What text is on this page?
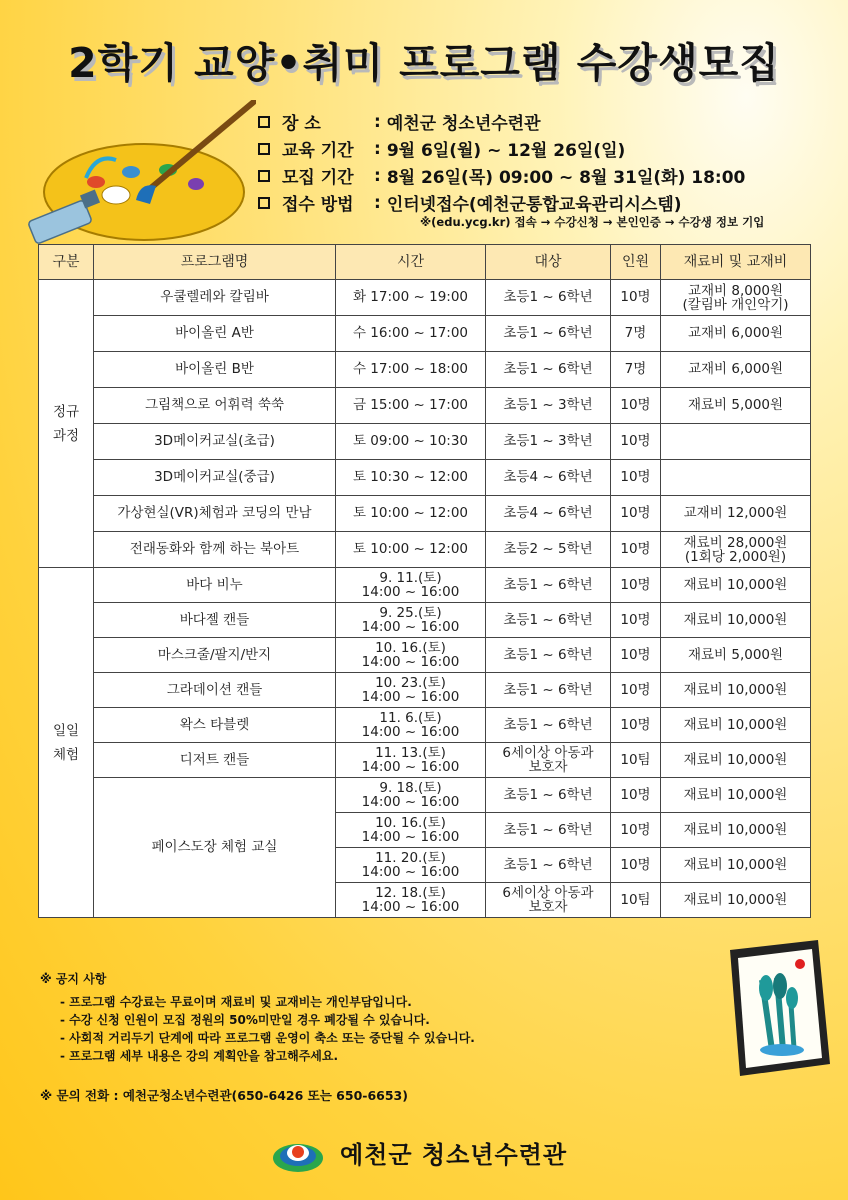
2학기 교양•취미 프로그램 수강생모집
장 소	: 예천군 청소년수련관
교육 기간	: 9월 6일(월) ~ 12월 26일(일)
모집 기간	: 8월 26일(목) 09:00 ~ 8월 31일(화) 18:00
접수 방법	: 인터넷접수(예천군통합교육관리시스템)
※(edu.ycg.kr) 접속 → 수강신청 → 본인인증 → 수강생 정보 기입
구분	프로그램명	시간	대상	인원	재료비 및 교재비

정규
과정	우쿨렐레와 칼림바	화 17:00 ~ 19:00	초등1 ~ 6학년	10명	교재비 8,000원
(칼림바 개인악기)

	바이올린 A반	수 16:00 ~ 17:00	초등1 ~ 6학년	7명	교재비 6,000원
	바이올린 B반	수 17:00 ~ 18:00	초등1 ~ 6학년	7명	교재비 6,000원
	그림책으로 어휘력 쑥쑥	금 15:00 ~ 17:00	초등1 ~ 3학년	10명	재료비 5,000원
	3D메이커교실(초급)	토 09:00 ~ 10:30	초등1 ~ 3학년	10명	
	3D메이커교실(중급)	토 10:30 ~ 12:00	초등4 ~ 6학년	10명	
	가상현실(VR)체험과 코딩의 만남	토 10:00 ~ 12:00	초등4 ~ 6학년	10명	교재비 12,000원
	전래동화와 함께 하는 북아트	토 10:00 ~ 12:00	초등2 ~ 5학년	10명	재료비 28,000원
(1회당 2,000원)

일일
체험	바다 비누	9. 11.(토)
14:00 ~ 16:00	초등1 ~ 6학년	10명	재료비 10,000원
	바다젤 캔들	9. 25.(토)
14:00 ~ 16:00	초등1 ~ 6학년	10명	재료비 10,000원
	마스크줄/팔지/반지	10. 16.(토)
14:00 ~ 16:00	초등1 ~ 6학년	10명	재료비 5,000원
	그라데이션 캔들	10. 23.(토)
14:00 ~ 16:00	초등1 ~ 6학년	10명	재료비 10,000원
	왁스 타블렛	11. 6.(토)
14:00 ~ 16:00	초등1 ~ 6학년	10명	재료비 10,000원
	디저트 캔들	11. 13.(토)
14:00 ~ 16:00	6세이상 아동과
보호자	10팀	재료비 10,000원
	페이스도장 체험 교실	9. 18.(토)
14:00 ~ 16:00	초등1 ~ 6학년	10명	재료비 10,000원

		10. 16.(토)
14:00 ~ 16:00	초등1 ~ 6학년	10명	재료비 10,000원

		11. 20.(토)
14:00 ~ 16:00	초등1 ~ 6학년	10명	재료비 10,000원

		12. 18.(토)
14:00 ~ 16:00	6세이상 아동과
보호자	10팀	재료비 10,000원
※ 공지 사항
- 프로그램 수강료는 무료이며 재료비 및 교재비는 개인부담입니다.
- 수강 신청 인원이 모집 정원의 50%미만일 경우 폐강될 수 있습니다.
- 사회적 거리두기 단계에 따라 프로그램 운영이 축소 또는 중단될 수 있습니다.
- 프로그램 세부 내용은 강의 계획안을 참고해주세요.
※ 문의 전화 : 예천군청소년수련관(650-6426 또는 650-6653)
예천군 청소년수련관
